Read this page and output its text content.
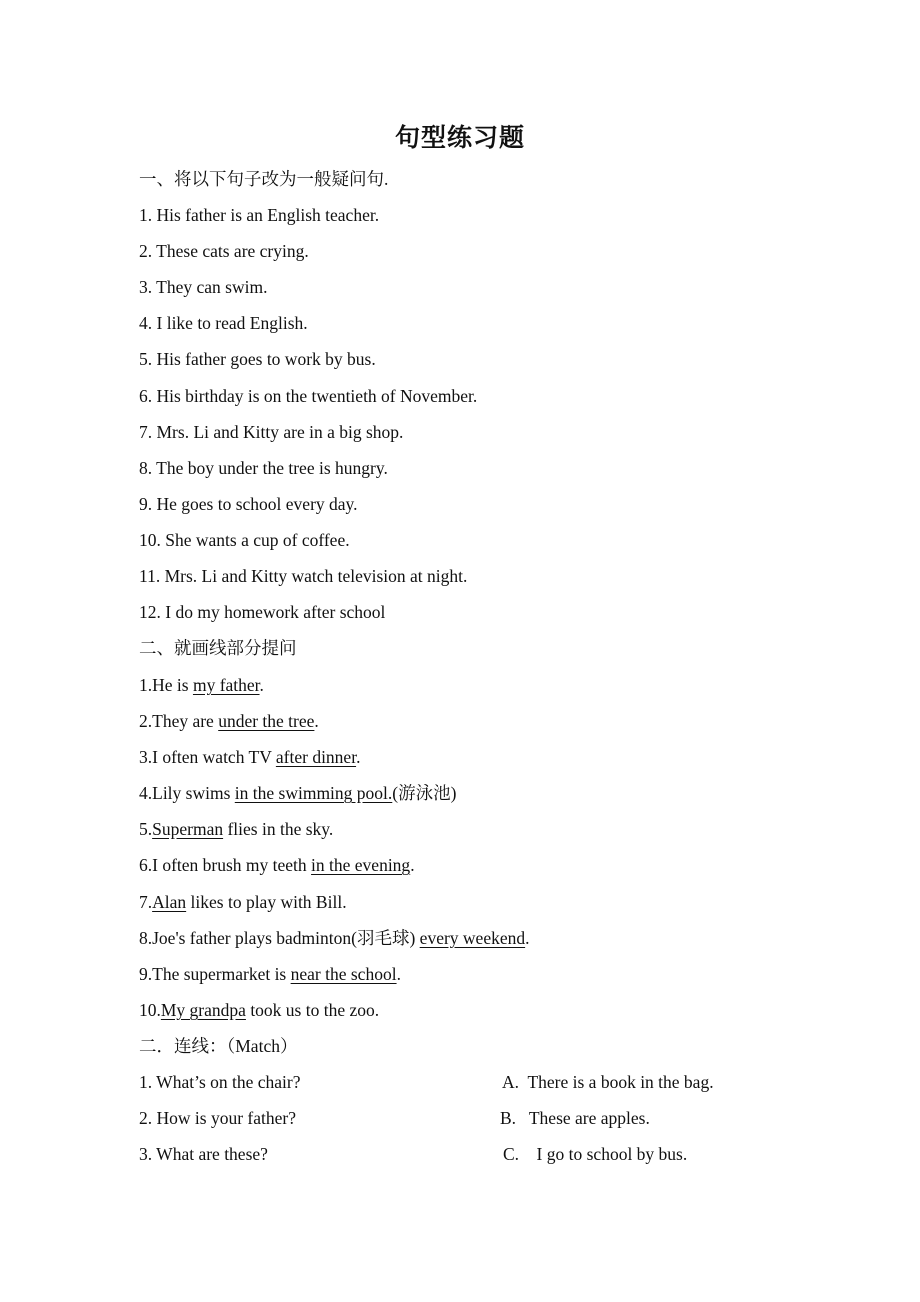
句型练习题
一、将以下句子改为一般疑问句.
1. His father is an English teacher.
2. These cats are crying.
3. They can swim.
4. I like to read English.
5. His father goes to work by bus.
6. His birthday is on the twentieth of November.
7. Mrs. Li and Kitty are in a big shop.
8. The boy under the tree is hungry.
9. He goes to school every day.
10. She wants a cup of coffee.
11. Mrs. Li and Kitty watch television at night.
12. I do my homework after school
二、就画线部分提问
1.He is my father.
2.They are under the tree.
3.I often watch TV after dinner.
4.Lily swims in the swimming pool.(游泳池)
5.Superman flies in the sky.
6.I often brush my teeth in the evening.
7.Alan likes to play with Bill.
8.Joe's father plays badminton(羽毛球) every weekend.
9.The supermarket is near the school.
10.My grandpa took us to the zoo.
二．连线：（Match）
1. What’s on the chair?
2. How is your father?
3. What are these?
A.  There is a book in the bag.
B.   These are apples.
C.    I go to school by bus.
